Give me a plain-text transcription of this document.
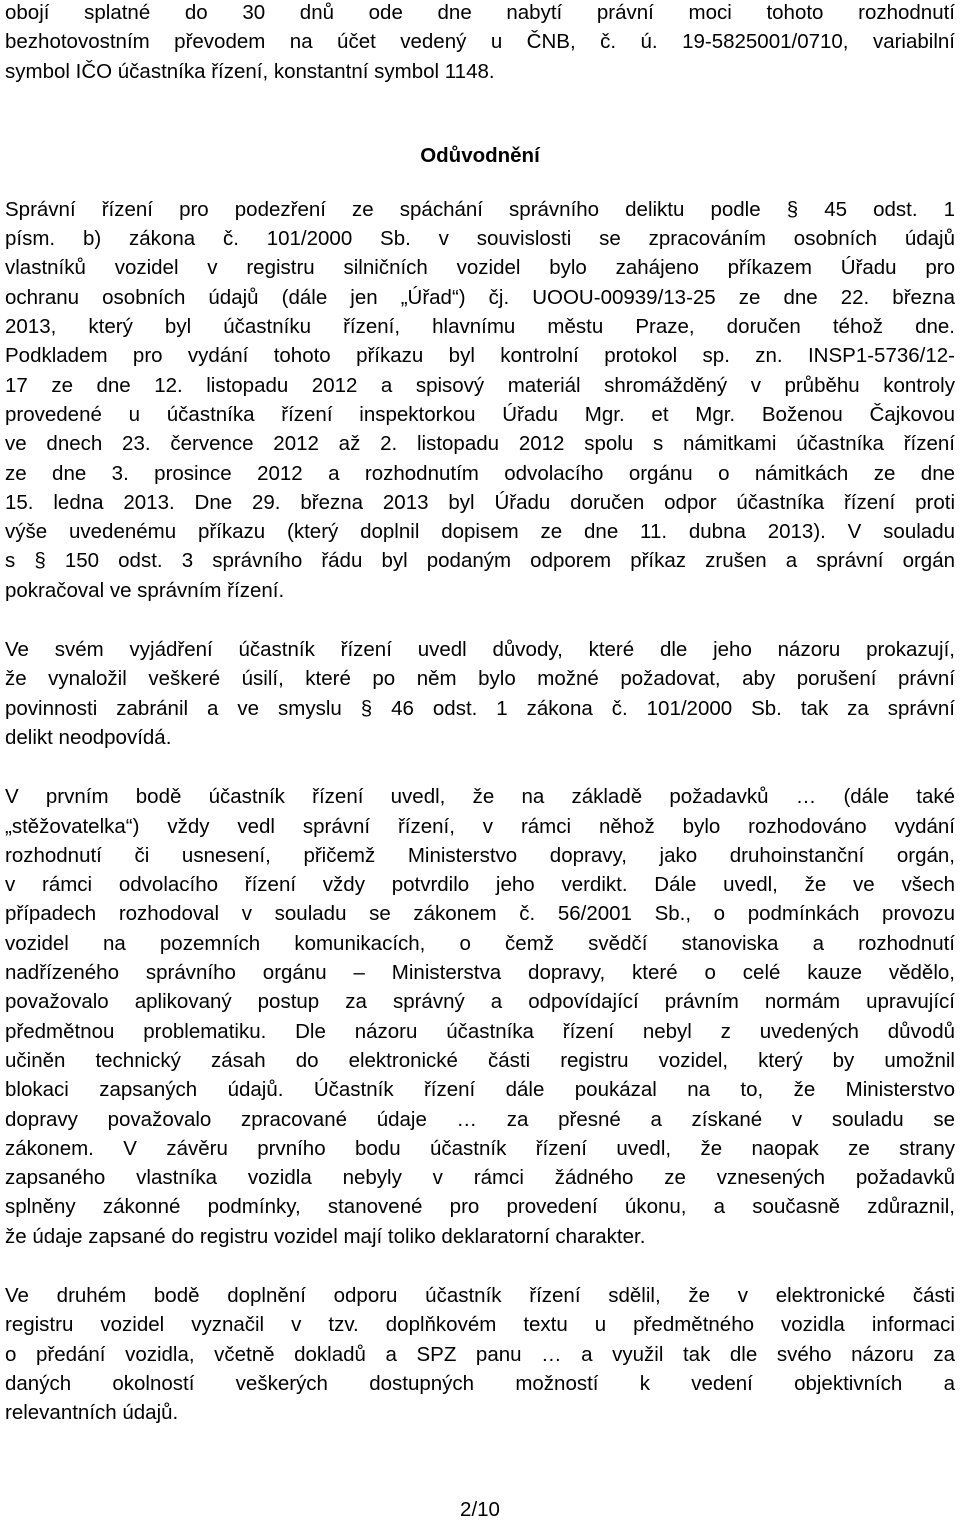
obojí splatné do 30 dnů ode dne nabytí právní moci tohoto rozhodnutí
bezhotovostním převodem na účet vedený u ČNB, č. ú. 19-5825001/0710, variabilní
symbol IČO účastníka řízení, konstantní symbol 1148.

Odůvodnění

Správní řízení pro podezření ze spáchání správního deliktu podle § 45 odst. 1
písm. b) zákona č. 101/2000 Sb. v souvislosti se zpracováním osobních údajů
vlastníků vozidel v registru silničních vozidel bylo zahájeno příkazem Úřadu pro
ochranu osobních údajů (dále jen „Úřad“) čj. UOOU-00939/13-25 ze dne 22. března
2013, který byl účastníku řízení, hlavnímu městu Praze, doručen téhož dne.
Podkladem pro vydání tohoto příkazu byl kontrolní protokol sp. zn. INSP1-5736/12-
17 ze dne 12. listopadu 2012 a spisový materiál shromážděný v průběhu kontroly
provedené u účastníka řízení inspektorkou Úřadu Mgr. et Mgr. Boženou Čajkovou
ve dnech 23. července 2012 až 2. listopadu 2012 spolu s námitkami účastníka řízení
ze dne 3. prosince 2012 a rozhodnutím odvolacího orgánu o námitkách ze dne
15. ledna 2013. Dne 29. března 2013 byl Úřadu doručen odpor účastníka řízení proti
výše uvedenému příkazu (který doplnil dopisem ze dne 11. dubna 2013). V souladu
s § 150 odst. 3 správního řádu byl podaným odporem příkaz zrušen a správní orgán
pokračoval ve správním řízení.

Ve svém vyjádření účastník řízení uvedl důvody, které dle jeho názoru prokazují,
že vynaložil veškeré úsilí, které po něm bylo možné požadovat, aby porušení právní
povinnosti zabránil a ve smyslu § 46 odst. 1 zákona č. 101/2000 Sb. tak za správní
delikt neodpovídá.

V prvním bodě účastník řízení uvedl, že na základě požadavků … (dále také
„stěžovatelka“) vždy vedl správní řízení, v rámci něhož bylo rozhodováno vydání
rozhodnutí či usnesení, přičemž Ministerstvo dopravy, jako druhoinstanční orgán,
v rámci odvolacího řízení vždy potvrdilo jeho verdikt. Dále uvedl, že ve všech
případech rozhodoval v souladu se zákonem č. 56/2001 Sb., o podmínkách provozu
vozidel na pozemních komunikacích, o čemž svědčí stanoviska a rozhodnutí
nadřízeného správního orgánu – Ministerstva dopravy, které o celé kauze vědělo,
považovalo aplikovaný postup za správný a odpovídající právním normám upravující
předmětnou problematiku. Dle názoru účastníka řízení nebyl z uvedených důvodů
učiněn technický zásah do elektronické části registru vozidel, který by umožnil
blokaci zapsaných údajů. Účastník řízení dále poukázal na to, že Ministerstvo
dopravy považovalo zpracované údaje … za přesné a získané v souladu se
zákonem. V závěru prvního bodu účastník řízení uvedl, že naopak ze strany
zapsaného vlastníka vozidla nebyly v rámci žádného ze vznesených požadavků
splněny zákonné podmínky, stanovené pro provedení úkonu, a současně zdůraznil,
že údaje zapsané do registru vozidel mají toliko deklaratorní charakter.

Ve druhém bodě doplnění odporu účastník řízení sdělil, že v elektronické části
registru vozidel vyznačil v tzv. doplňkovém textu u předmětného vozidla informaci
o předání vozidla, včetně dokladů a SPZ panu … a využil tak dle svého názoru za
daných okolností veškerých dostupných možností k vedení objektivních a
relevantních údajů.

2/10
